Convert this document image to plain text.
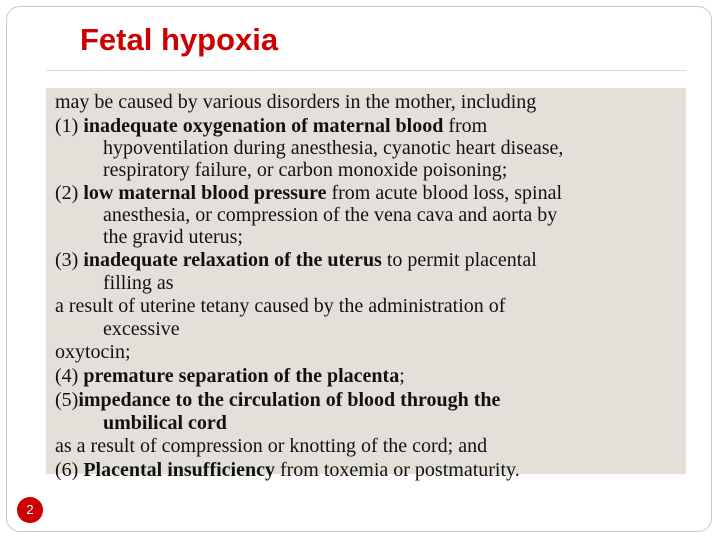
Fetal hypoxia

may be caused by various disorders in the mother, including

(1) inadequate oxygenation of maternal blood from

hypoventilation during anesthesia, cyanotic heart disease,

respiratory failure, or carbon monoxide poisoning;

(2) low maternal blood pressure from acute blood loss, spinal

anesthesia, or compression of the vena cava and aorta by

the gravid uterus;

(3) inadequate relaxation of the uterus to permit placental

filling as

a result of uterine tetany caused by the administration of

excessive

oxytocin;

(4) premature separation of the placenta;

(5)impedance to the circulation of blood through the

umbilical cord

as a result of compression or knotting of the cord; and

(6) Placental insufficiency from toxemia or postmaturity.

2
